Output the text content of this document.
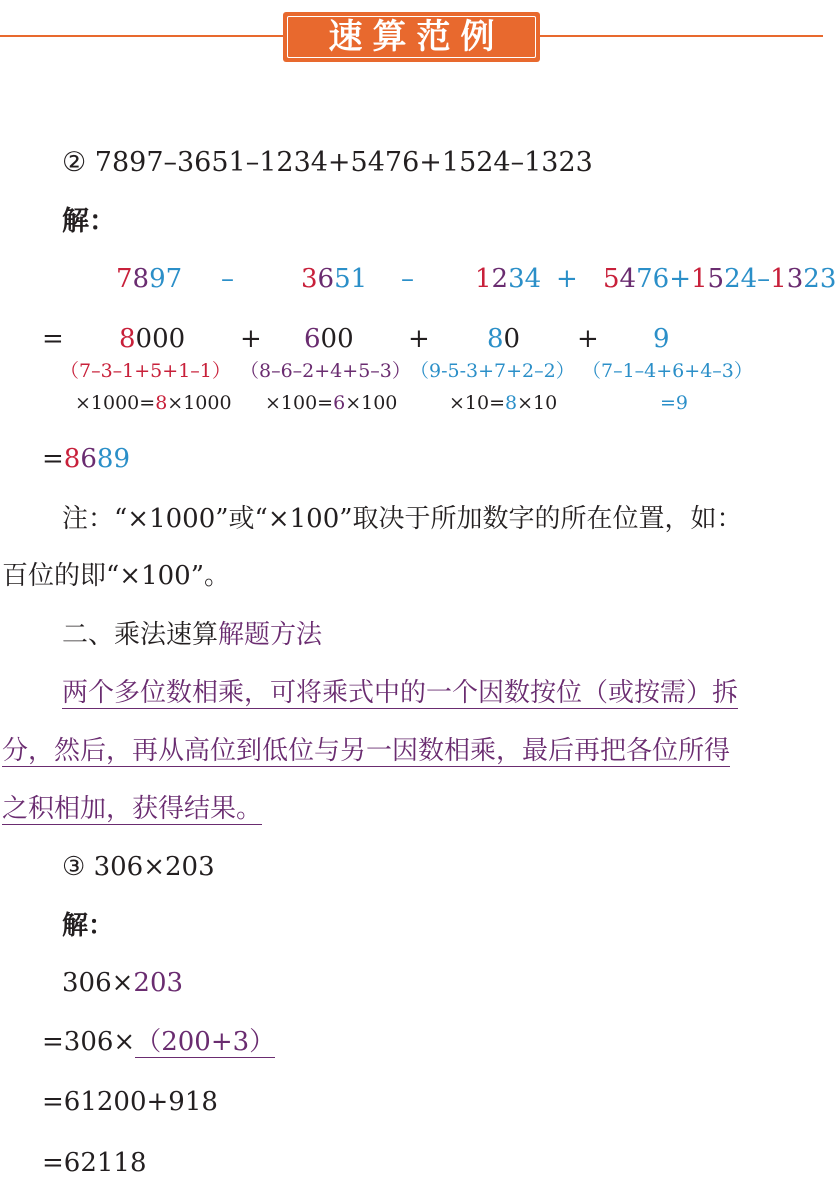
速算范例
② 7897–3651–1234+5476+1524–1323
解：
7897 –	3651 – 1234 + 5476+1524–1323
= 8000 + 600 + 80 + 9
（7–3–1+5+1–1） （8–6–2+4+5–3） （9-5-3+7+2–2） （7–1–4+6+4–3）
×1000=8×1000 ×100=6×100	×10=8×10	=9
=8689
注：“×1000”或“×100”取决于所加数字的所在位置，如：
百位的即“×100”。
二、乘法速算解题方法
两个多位数相乘，可将乘式中的一个因数按位（或按需）拆
分，然后，再从高位到低位与另一因数相乘，最后再把各位所得
之积相加，获得结果。
③ 306×203
解：
306×203
=306×（200+3）
=61200+918
=62118
